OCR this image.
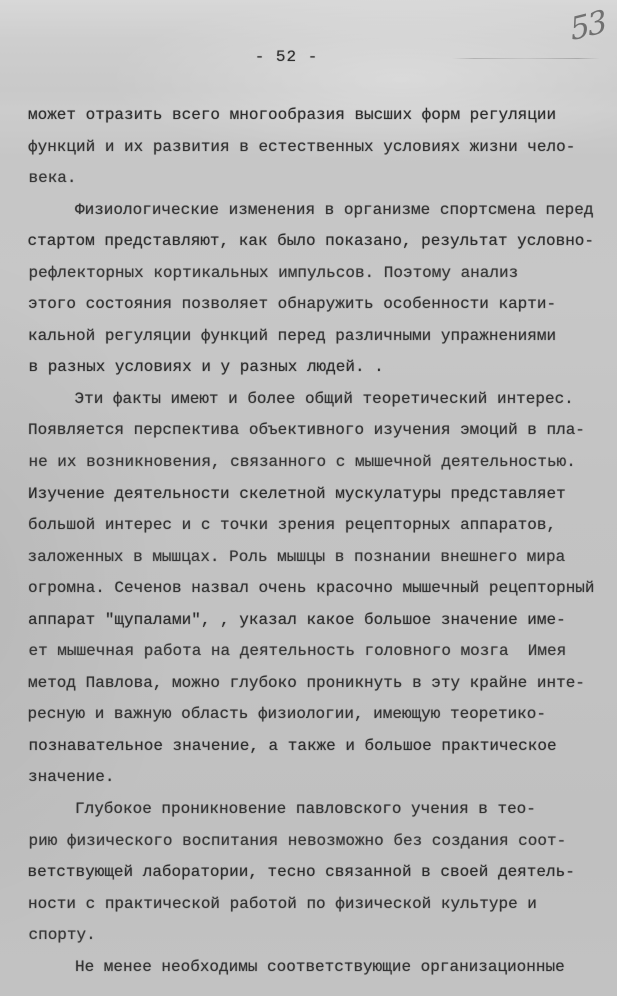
53
- 52 -
может отразить всего многообразия высших форм регуляции
функций и их развития в естественных условиях жизни чело-
века.
Физиологические изменения в организме спортсмена перед
стартом представляют, как было показано, результат условно-
рефлекторных кортикальных импульсов. Поэтому анализ
этого состояния позволяет обнаружить особенности карти-
кальной регуляции функций перед различными упражнениями
в разных условиях и у разных людей. .
Эти факты имеют и более общий теоретический интерес.
Появляется перспектива объективного изучения эмоций в пла-
не их возникновения, связанного с мышечной деятельностью.
Изучение деятельности скелетной мускулатуры представляет
большой интерес и с точки зрения рецепторных аппаратов,
заложенных в мышцах. Роль мышцы в познании внешнего мира
огромна. Сеченов назвал очень красочно мышечный рецепторный
аппарат "щупалами", , указал какое большое значение име-
ет мышечная работа на деятельность головного мозга  Имея
метод Павлова, можно глубоко проникнуть в эту крайне инте-
ресную и важную область физиологии, имеющую теоретико-
познавательное значение, а также и большое практическое
значение.
Глубокое проникновение павловского учения в тео-
рию физического воспитания невозможно без создания соот-
ветствующей лаборатории, тесно связанной в своей деятель-
ности с практической работой по физической культуре и
спорту.
Не менее необходимы соответствующие организационные
